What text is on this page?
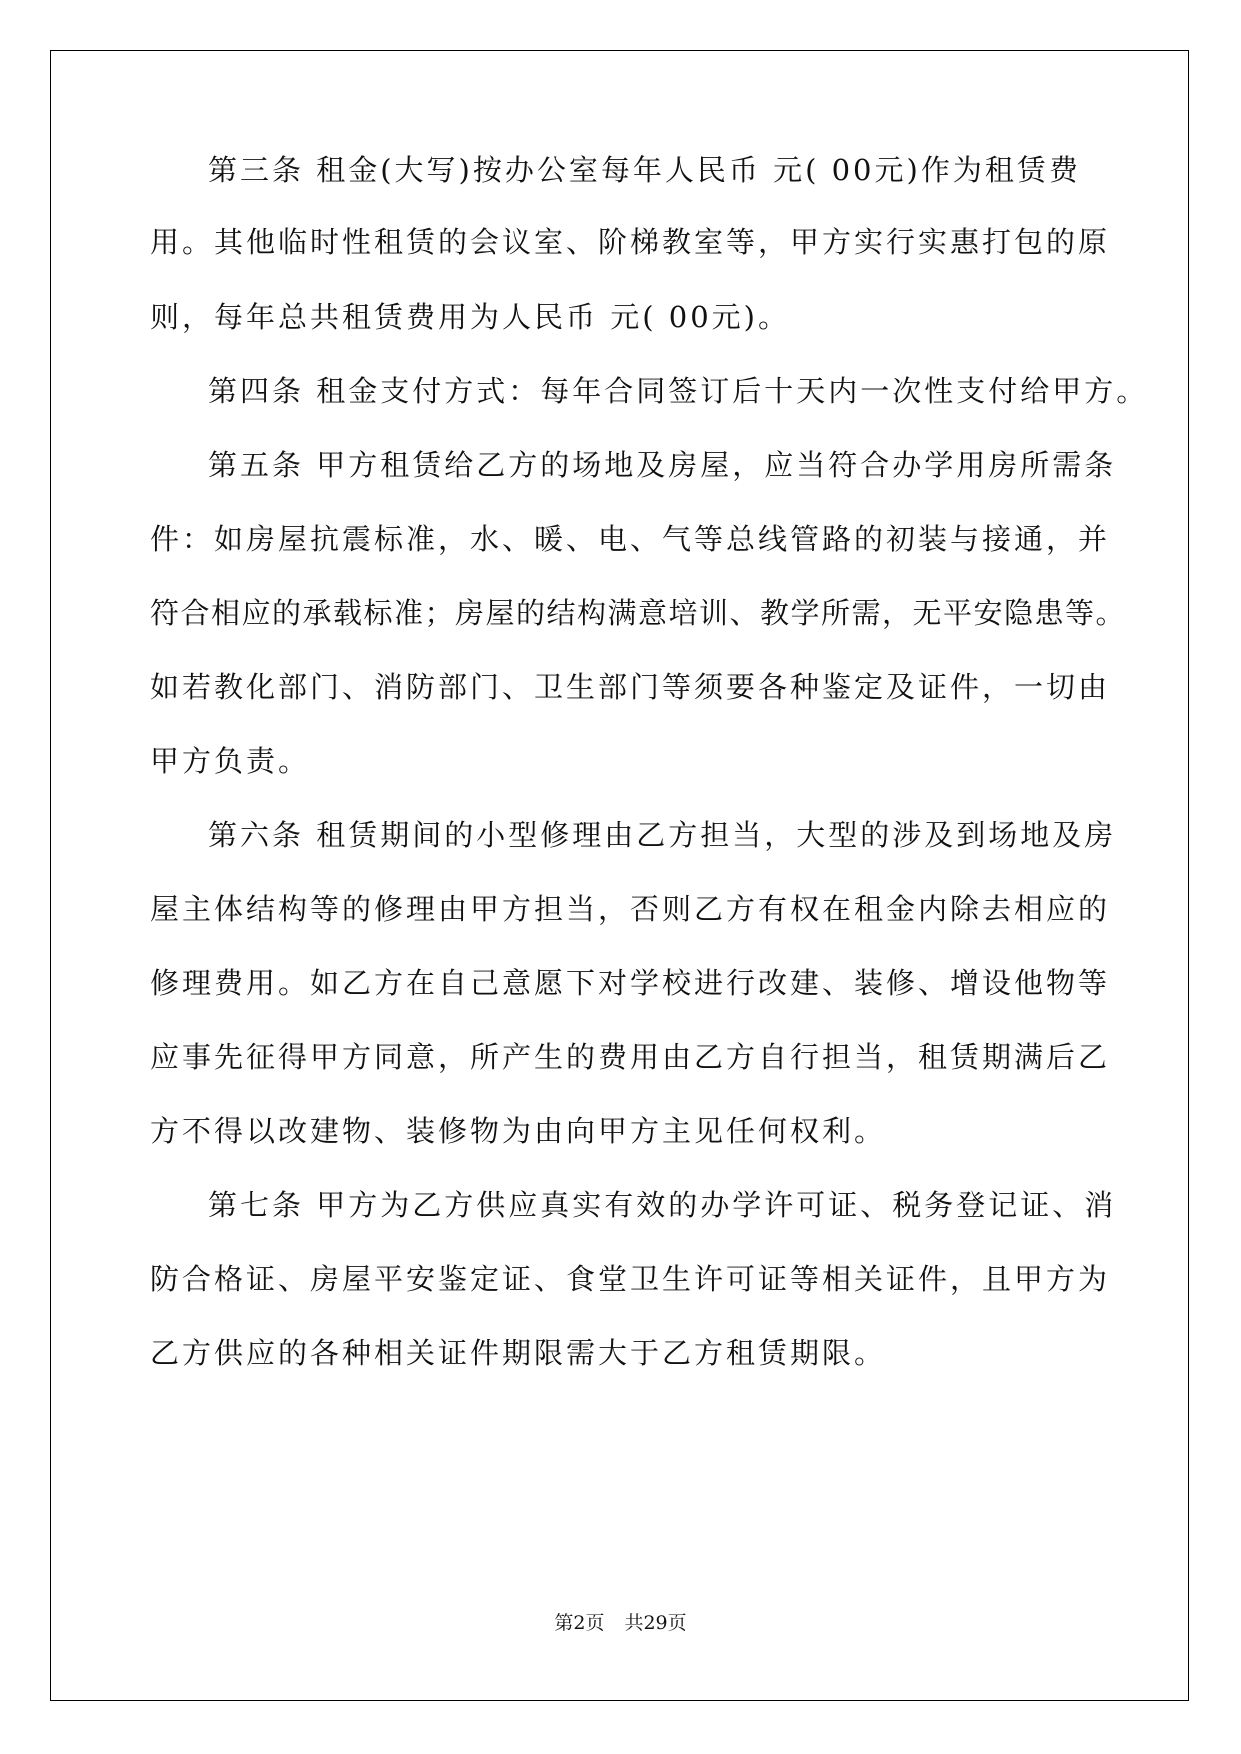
第三条 租金(大写)按办公室每年人民币 元( 00元)作为租赁费
用。其他临时性租赁的会议室、阶梯教室等，甲方实行实惠打包的原
则，每年总共租赁费用为人民币 元( 00元)。
第四条 租金支付方式：每年合同签订后十天内一次性支付给甲方。
第五条 甲方租赁给乙方的场地及房屋，应当符合办学用房所需条
件：如房屋抗震标准，水、暖、电、气等总线管路的初装与接通，并
符合相应的承载标准；房屋的结构满意培训、教学所需，无平安隐患等。
如若教化部门、消防部门、卫生部门等须要各种鉴定及证件，一切由
甲方负责。
第六条 租赁期间的小型修理由乙方担当，大型的涉及到场地及房
屋主体结构等的修理由甲方担当，否则乙方有权在租金内除去相应的
修理费用。如乙方在自己意愿下对学校进行改建、装修、增设他物等
应事先征得甲方同意，所产生的费用由乙方自行担当，租赁期满后乙
方不得以改建物、装修物为由向甲方主见任何权利。
第七条 甲方为乙方供应真实有效的办学许可证、税务登记证、消
防合格证、房屋平安鉴定证、食堂卫生许可证等相关证件，且甲方为
乙方供应的各种相关证件期限需大于乙方租赁期限。
第2页 共29页
